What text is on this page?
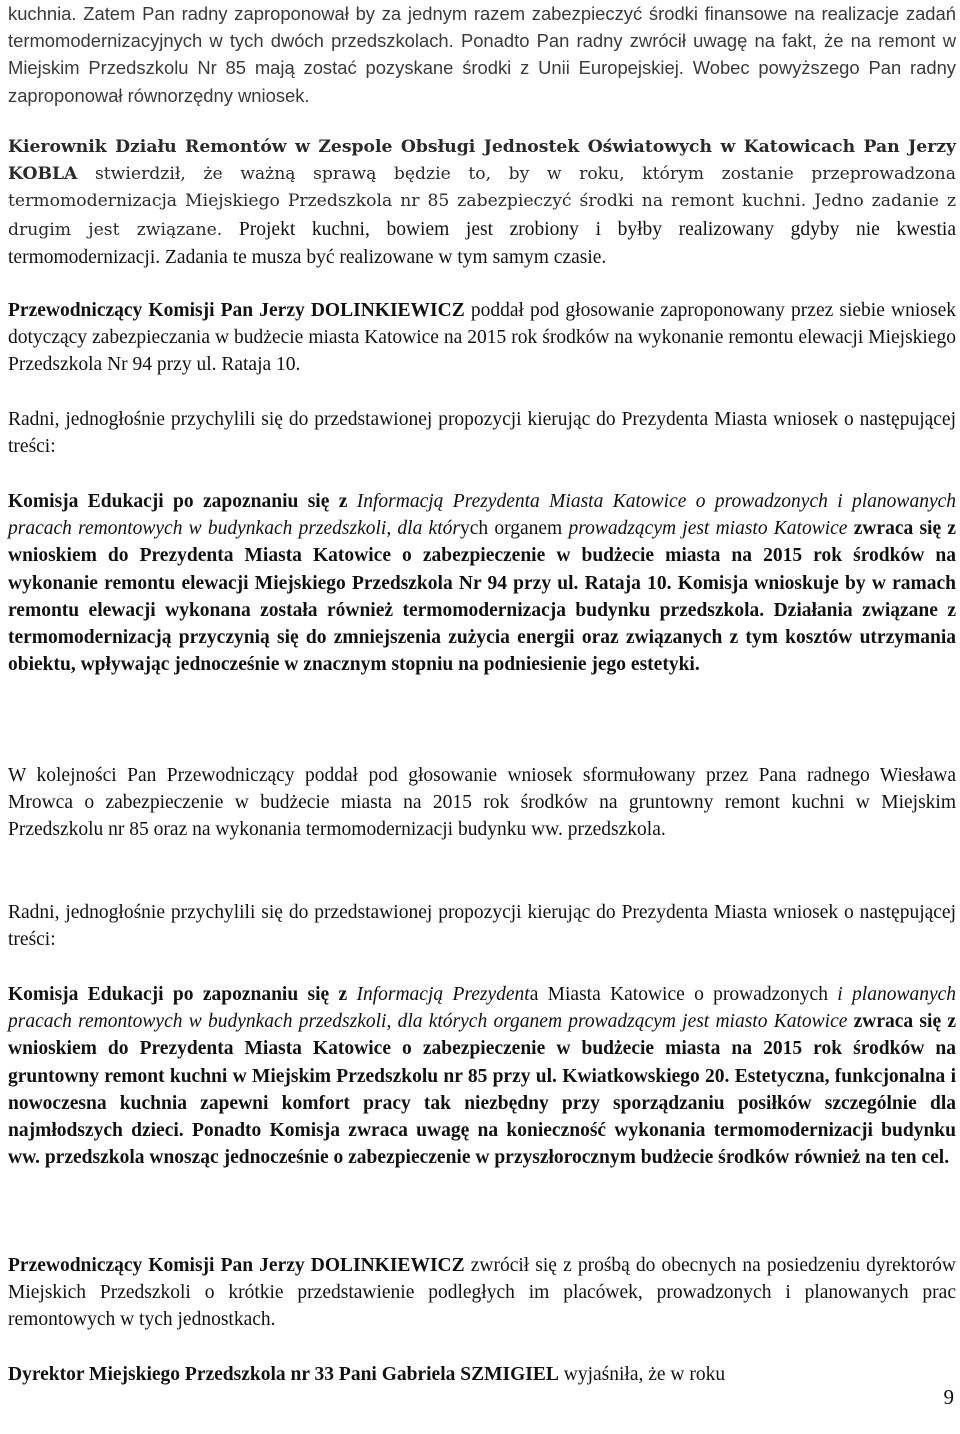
kuchnia. Zatem Pan radny zaproponował by za jednym razem zabezpieczyć środki finansowe na realizacje zadań termomodernizacyjnych w tych dwóch przedszkolach. Ponadto Pan radny zwrócił uwagę na fakt, że na remont w Miejskim Przedszkolu Nr 85 mają zostać pozyskane środki z Unii Europejskiej. Wobec powyższego Pan radny zaproponował równorzędny wniosek.

Kierownik Działu Remontów w Zespole Obsługi Jednostek Oświatowych w Katowicach Pan Jerzy KOBLA stwierdził, że ważną sprawą będzie to, by w roku, którym zostanie przeprowadzona termomodernizacja Miejskiego Przedszkola nr 85 zabezpieczyć środki na remont kuchni. Jedno zadanie z drugim jest związane. Projekt kuchni, bowiem jest zrobiony i byłby realizowany gdyby nie kwestia termomodernizacji. Zadania te musza być realizowane w tym samym czasie.

Przewodniczący Komisji Pan Jerzy DOLINKIEWICZ poddał pod głosowanie zaproponowany przez siebie wniosek dotyczący zabezpieczania w budżecie miasta Katowice na 2015 rok środków na wykonanie remontu elewacji Miejskiego Przedszkola Nr 94 przy ul. Rataja 10.

Radni, jednogłośnie przychylili się do przedstawionej propozycji kierując do Prezydenta Miasta wniosek o następującej treści:

Komisja Edukacji po zapoznaniu się z Informacją Prezydenta Miasta Katowice o prowadzonych i planowanych pracach remontowych w budynkach przedszkoli, dla których organem prowadzącym jest miasto Katowice zwraca się z wnioskiem do Prezydenta Miasta Katowice o zabezpieczenie w budżecie miasta na 2015 rok środków na wykonanie remontu elewacji Miejskiego Przedszkola Nr 94 przy ul. Rataja 10. Komisja wnioskuje by w ramach remontu elewacji wykonana została również termomodernizacja budynku przedszkola. Działania związane z termomodernizacją przyczynią się do zmniejszenia zużycia energii oraz związanych z tym kosztów utrzymania obiektu, wpływając jednocześnie w znacznym stopniu na podniesienie jego estetyki.

W kolejności Pan Przewodniczący poddał pod głosowanie wniosek sformułowany przez Pana radnego Wiesława Mrowca o zabezpieczenie w budżecie miasta na 2015 rok środków na gruntowny remont kuchni w Miejskim Przedszkolu nr 85 oraz na wykonania termomodernizacji budynku ww. przedszkola.

Radni, jednogłośnie przychylili się do przedstawionej propozycji kierując do Prezydenta Miasta wniosek o następującej treści:

Komisja Edukacji po zapoznaniu się z Informacją Prezydenta Miasta Katowice o prowadzonych i planowanych pracach remontowych w budynkach przedszkoli, dla których organem prowadzącym jest miasto Katowice zwraca się z wnioskiem do Prezydenta Miasta Katowice o zabezpieczenie w budżecie miasta na 2015 rok środków na gruntowny remont kuchni w Miejskim Przedszkolu nr 85 przy ul. Kwiatkowskiego 20. Estetyczna, funkcjonalna i nowoczesna kuchnia zapewni komfort pracy tak niezbędny przy sporządzaniu posiłków szczególnie dla najmłodszych dzieci. Ponadto Komisja zwraca uwagę na konieczność wykonania termomodernizacji budynku ww. przedszkola wnosząc jednocześnie o zabezpieczenie w przyszłorocznym budżecie środków również na ten cel.

Przewodniczący Komisji Pan Jerzy DOLINKIEWICZ zwrócił się z prośbą do obecnych na posiedzeniu dyrektorów Miejskich Przedszkoli o krótkie przedstawienie podległych im placówek, prowadzonych i planowanych prac remontowych w tych jednostkach.

Dyrektor Miejskiego Przedszkola nr 33 Pani Gabriela SZMIGIEL wyjaśniła, że w roku

9
